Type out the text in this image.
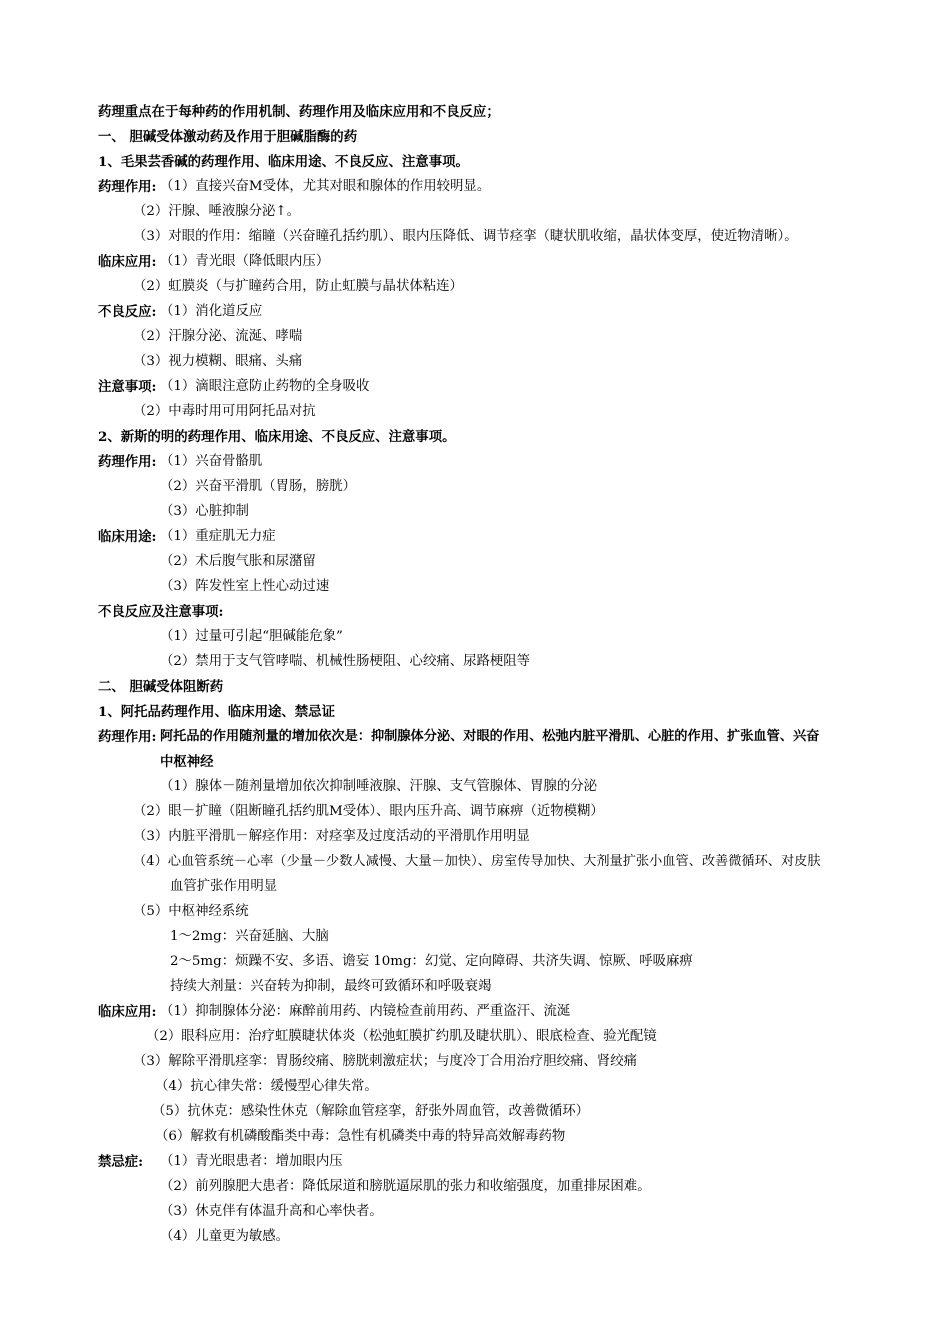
药理重点在于每种药的作用机制、药理作用及临床应用和不良反应；
一、 胆碱受体激动药及作用于胆碱脂酶的药
1、毛果芸香碱的药理作用、临床用途、不良反应、注意事项。
药理作用: （1）直接兴奋M受体，尤其对眼和腺体的作用较明显。
（2）汗腺、唾液腺分泌↑。
（3）对眼的作用：缩瞳（兴奋瞳孔括约肌）、眼内压降低、调节痉挛（睫状肌收缩，晶状体变厚，使近物清晰）。
临床应用: （1）青光眼（降低眼内压）
（2）虹膜炎（与扩瞳药合用，防止虹膜与晶状体粘连）
不良反应: （1）消化道反应
（2）汗腺分泌、流涎、哮喘
（3）视力模糊、眼痛、头痛
注意事项: （1）滴眼注意防止药物的全身吸收
（2）中毒时用可用阿托品对抗
2、新斯的明的药理作用、临床用途、不良反应、注意事项。
药理作用: （1）兴奋骨骼肌
（2）兴奋平滑肌（胃肠，膀胱）
（3）心脏抑制
临床用途: （1）重症肌无力症
（2）术后腹气胀和尿潴留
（3）阵发性室上性心动过速
不良反应及注意事项:
（1）过量可引起“胆碱能危象”
（2）禁用于支气管哮喘、机械性肠梗阻、心绞痛、尿路梗阻等
二、 胆碱受体阻断药
1、阿托品药理作用、临床用途、禁忌证
药理作用: 阿托品的作用随剂量的增加依次是：抑制腺体分泌、对眼的作用、松弛内脏平滑肌、心脏的作用、扩张血管、兴奋
中枢神经
（1）腺体－随剂量增加依次抑制唾液腺、汗腺、支气管腺体、胃腺的分泌
（2）眼－扩瞳（阻断瞳孔括约肌M受体）、眼内压升高、调节麻痹（近物模糊）
（3）内脏平滑肌－解痉作用：对痉挛及过度活动的平滑肌作用明显
（4）心血管系统－心率（少量－少数人减慢、大量－加快）、房室传导加快、大剂量扩张小血管、改善微循环、对皮肤
血管扩张作用明显
（5）中枢神经系统
1～2mg：兴奋延脑、大脑
2～5mg：烦躁不安、多语、谵妄 10mg：幻觉、定向障碍、共济失调、惊厥、呼吸麻痹
持续大剂量：兴奋转为抑制，最终可致循环和呼吸衰竭
临床应用: （1）抑制腺体分泌：麻醉前用药、内镜检查前用药、严重盗汗、流涎
（2）眼科应用：治疗虹膜睫状体炎（松弛虹膜扩约肌及睫状肌）、眼底检查、验光配镜
（3）解除平滑肌痉挛：胃肠绞痛、膀胱刺激症状；与度冷丁合用治疗胆绞痛、肾绞痛
（4）抗心律失常：缓慢型心律失常。
（5）抗休克：感染性休克（解除血管痉挛，舒张外周血管，改善微循环）
（6）解救有机磷酸酯类中毒：急性有机磷类中毒的特异高效解毒药物
禁忌症: （1）青光眼患者：增加眼内压
（2）前列腺肥大患者：降低尿道和膀胱逼尿肌的张力和收缩强度，加重排尿困难。
（3）休克伴有体温升高和心率快者。
（4）儿童更为敏感。
